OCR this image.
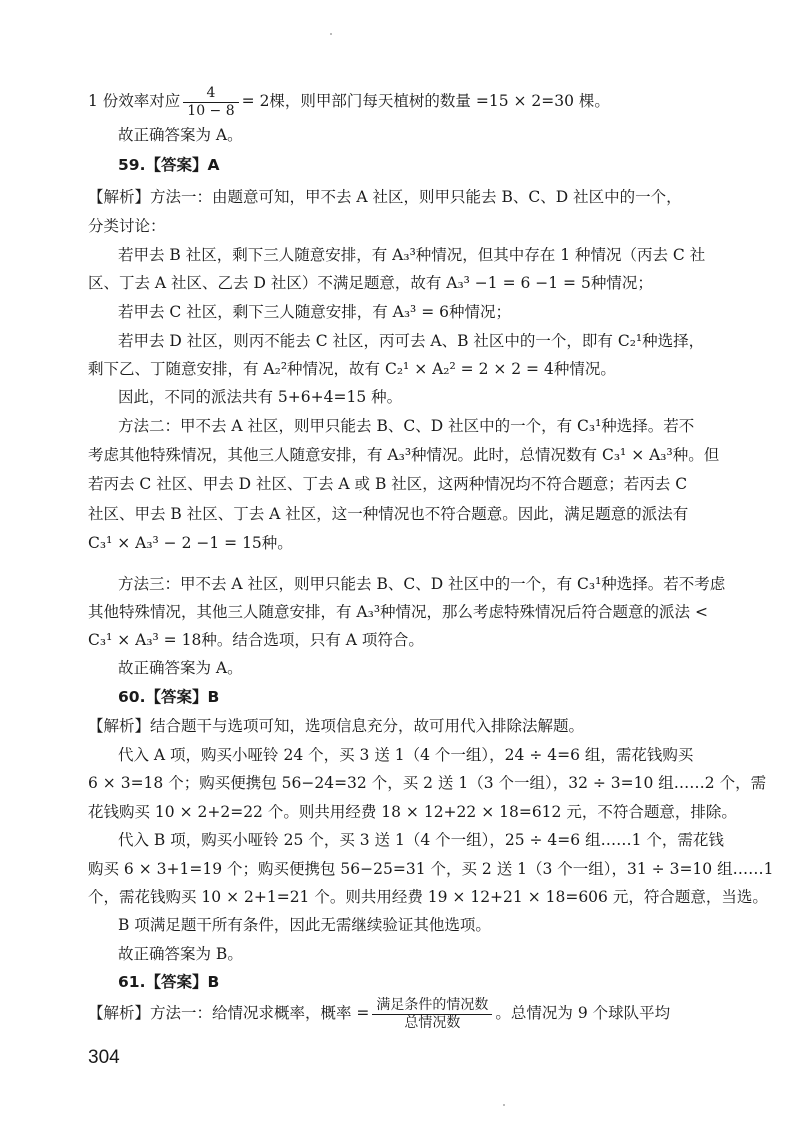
1 份效率对应 $\frac{4}{10 - 8} = 2$棵，则甲部门每天植树的数量 =15 × 2=30 棵。
故正确答案为 A。
59.【答案】A
【解析】方法一：由题意可知，甲不去 A 社区，则甲只能去 B、C、D 社区中的一个，
分类讨论：
若甲去 B 社区，剩下三人随意安排，有 A₃³种情况，但其中存在 1 种情况（丙去 C 社
区、丁去 A 社区、乙去 D 社区）不满足题意，故有 A₃³ −1 = 6 −1 = 5种情况；
若甲去 C 社区，剩下三人随意安排，有 A₃³ = 6种情况；
若甲去 D 社区，则丙不能去 C 社区，丙可去 A、B 社区中的一个，即有 C₂¹种选择，
剩下乙、丁随意安排，有 A₂²种情况，故有 C₂¹ × A₂² = 2 × 2 = 4种情况。
因此，不同的派法共有 5+6+4=15 种。
方法二：甲不去 A 社区，则甲只能去 B、C、D 社区中的一个，有 C₃¹种选择。若不
考虑其他特殊情况，其他三人随意安排，有 A₃³种情况。此时，总情况数有 C₃¹ × A₃³种。但
若丙去 C 社区、甲去 D 社区、丁去 A 或 B 社区，这两种情况均不符合题意；若丙去 C
社区、甲去 B 社区、丁去 A 社区，这一种情况也不符合题意。因此，满足题意的派法有
C₃¹ × A₃³ − 2 −1 = 15种。
方法三：甲不去 A 社区，则甲只能去 B、C、D 社区中的一个，有 C₃¹种选择。若不考虑
其他特殊情况，其他三人随意安排，有 A₃³种情况，那么考虑特殊情况后符合题意的派法 <
C₃¹ × A₃³ = 18种。结合选项，只有 A 项符合。
故正确答案为 A。
60.【答案】B
【解析】结合题干与选项可知，选项信息充分，故可用代入排除法解题。
代入 A 项，购买小哑铃 24 个，买 3 送 1（4 个一组），24 ÷ 4=6 组，需花钱购买
6 × 3=18 个；购买便携包 56−24=32 个，买 2 送 1（3 个一组），32 ÷ 3=10 组……2 个，需
花钱购买 10 × 2+2=22 个。则共用经费 18 × 12+22 × 18=612 元，不符合题意，排除。
代入 B 项，购买小哑铃 25 个，买 3 送 1（4 个一组），25 ÷ 4=6 组……1 个，需花钱
购买 6 × 3+1=19 个；购买便携包 56−25=31 个，买 2 送 1（3 个一组），31 ÷ 3=10 组……1
个，需花钱购买 10 × 2+1=21 个。则共用经费 19 × 12+21 × 18=606 元，符合题意，当选。
B 项满足题干所有条件，因此无需继续验证其他选项。
故正确答案为 B。
61.【答案】B
【解析】方法一：给情况求概率，概率 = $\frac{\text{满足条件的情况数}}{\text{总情况数}}$ 。总情况为 9 个球队平均
304
